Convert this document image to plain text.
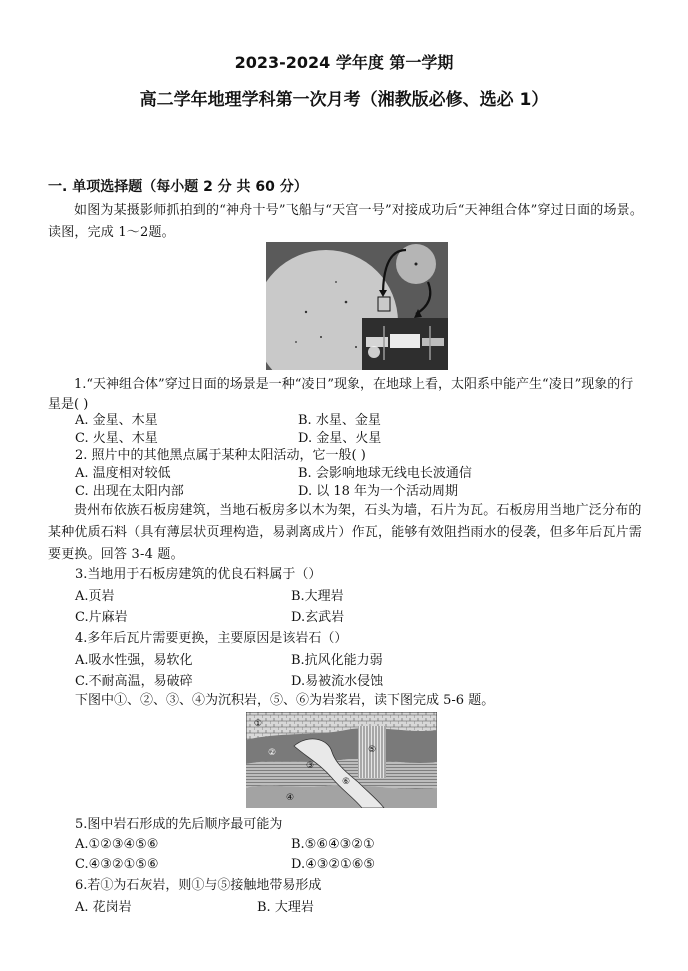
2023-2024 学年度 第一学期
高二学年地理学科第一次月考（湘教版必修、选必 1）
一. 单项选择题（每小题 2 分 共 60 分）
如图为某摄影师抓拍到的“神舟十号”飞船与“天宫一号”对接成功后“天神组合体”穿过日面的场景。读图，完成 1～2题。
1.“天神组合体”穿过日面的场景是一种“凌日”现象，在地球上看，太阳系中能产生“凌日”现象的行星是( )
A. 金星、木星	B. 水星、金星
C. 火星、木星	D. 金星、火星
2. 照片中的其他黑点属于某种太阳活动，它一般( )
A. 温度相对较低	B. 会影响地球无线电长波通信
C. 出现在太阳内部	D. 以 18 年为一个活动周期
贵州布依族石板房建筑，当地石板房多以木为架，石头为墙，石片为瓦。石板房用当地广泛分布的某种优质石料（具有薄层状页理构造，易剥离成片）作瓦，能够有效阻挡雨水的侵袭，但多年后瓦片需要更换。回答 3-4 题。
3.当地用于石板房建筑的优良石料属于（）
A.页岩	B.大理岩
C.片麻岩	D.玄武岩
4.多年后瓦片需要更换，主要原因是该岩石（）
A.吸水性强，易软化	B.抗风化能力弱
C.不耐高温，易破碎	D.易被流水侵蚀
下图中①、②、③、④为沉积岩，⑤、⑥为岩浆岩，读下图完成 5-6 题。
①
②
③
④
⑤
⑥
5.图中岩石形成的先后顺序最可能为
A.①②③④⑤⑥	B.⑤⑥④③②①
C.④③②①⑤⑥	D.④③②①⑥⑤
6.若①为石灰岩，则①与⑤接触地带易形成
A. 花岗岩	B. 大理岩
